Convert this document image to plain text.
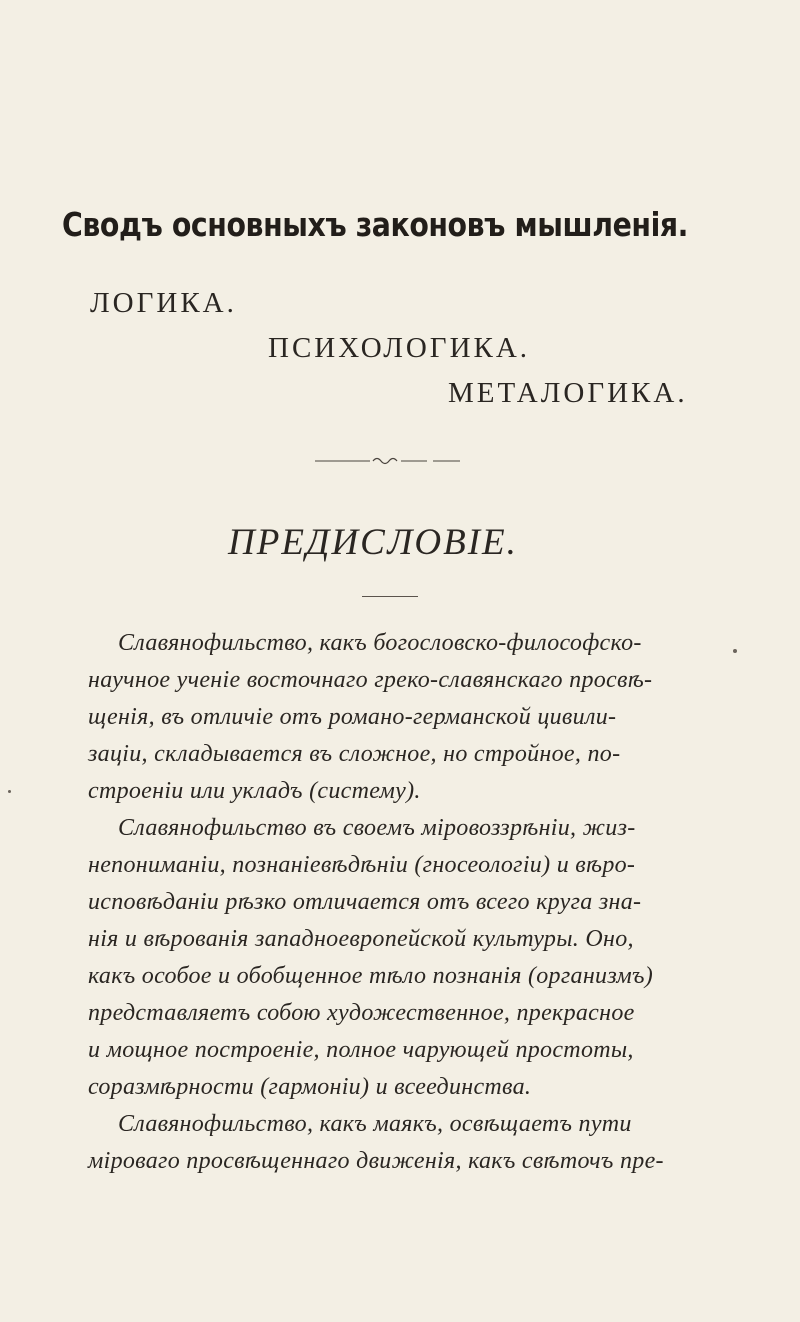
Сводъ основныхъ законовъ мышленія.
ЛОГИКА.
ПСИХОЛОГИКА.
МЕТАЛОГИКА.
ПРЕДИСЛОВІЕ.
Славянофильство, какъ богословско-философско-
научное ученіе восточнаго греко-славянскаго просвѣ-
щенія, въ отличіе отъ романо-германской цивили-
заціи, складывается въ сложное, но стройное, по-
строеніи или укладъ (систему).
Славянофильство въ своемъ міровоззрѣніи, жиз-
непониманіи, познаніевѣдѣніи (гносеологіи) и вѣро-
исповѣданіи рѣзко отличается отъ всего круга зна-
нія и вѣрованія западноевропейской культуры. Оно,
какъ особое и обобщенное тѣло познанія (организмъ)
представляетъ собою художественное, прекрасное
и мощное построеніе, полное чарующей простоты,
соразмѣрности (гармоніи) и всеединства.
Славянофильство, какъ маякъ, освѣщаетъ пути
міроваго просвѣщеннаго движенія, какъ свѣточъ пре-
